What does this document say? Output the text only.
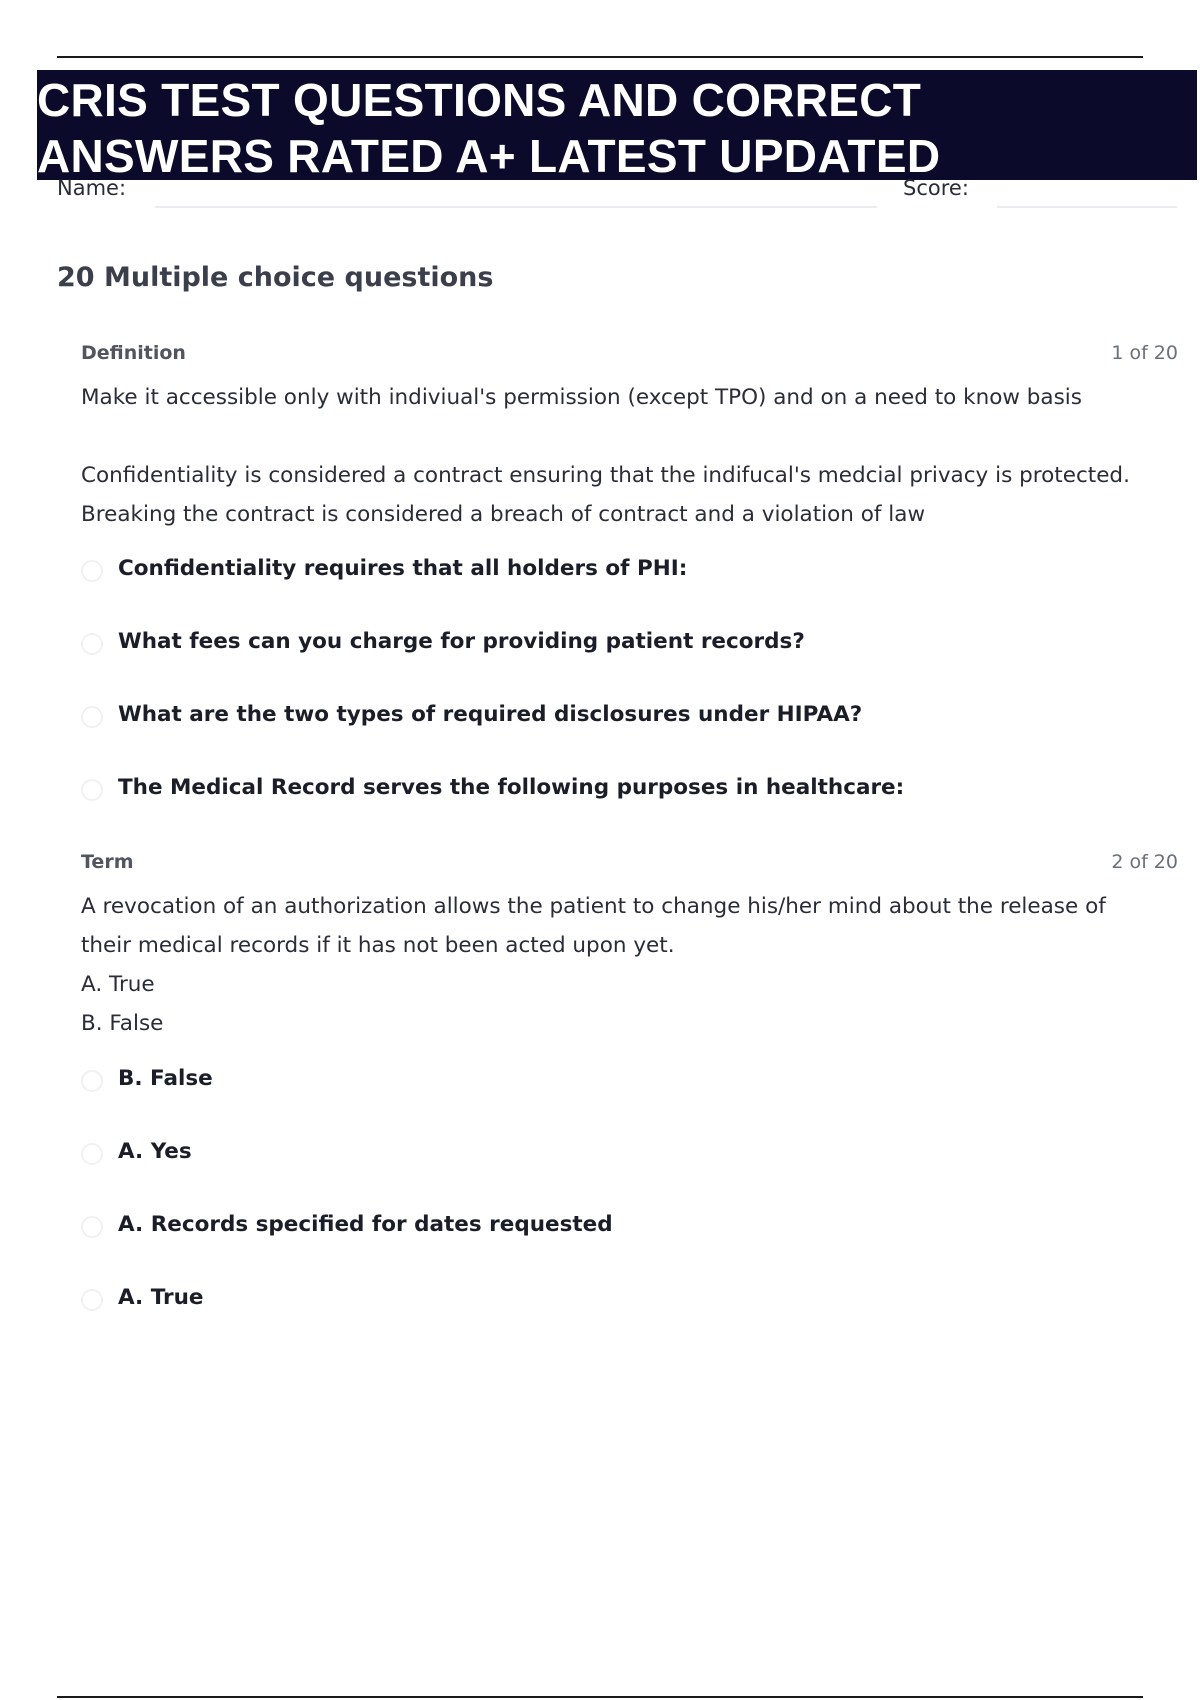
CRIS TEST QUESTIONS AND CORRECT
ANSWERS RATED A+ LATEST UPDATED
Name:	Score:
20 Multiple choice questions
Definition	1 of 20

Make it accessible only with indiviual's permission (except TPO) and on a need to know basis

Confidentiality is considered a contract ensuring that the indifucal's medcial privacy is protected.

Breaking the contract is considered a breach of contract and a violation of law

Confidentiality requires that all holders of PHI:
What fees can you charge for providing patient records?
What are the two types of required disclosures under HIPAA?
The Medical Record serves the following purposes in healthcare:
Term	2 of 20

A revocation of an authorization allows the patient to change his/her mind about the release of

their medical records if it has not been acted upon yet.

A. True

B. False

B. False
A. Yes
A. Records specified for dates requested
A. True
